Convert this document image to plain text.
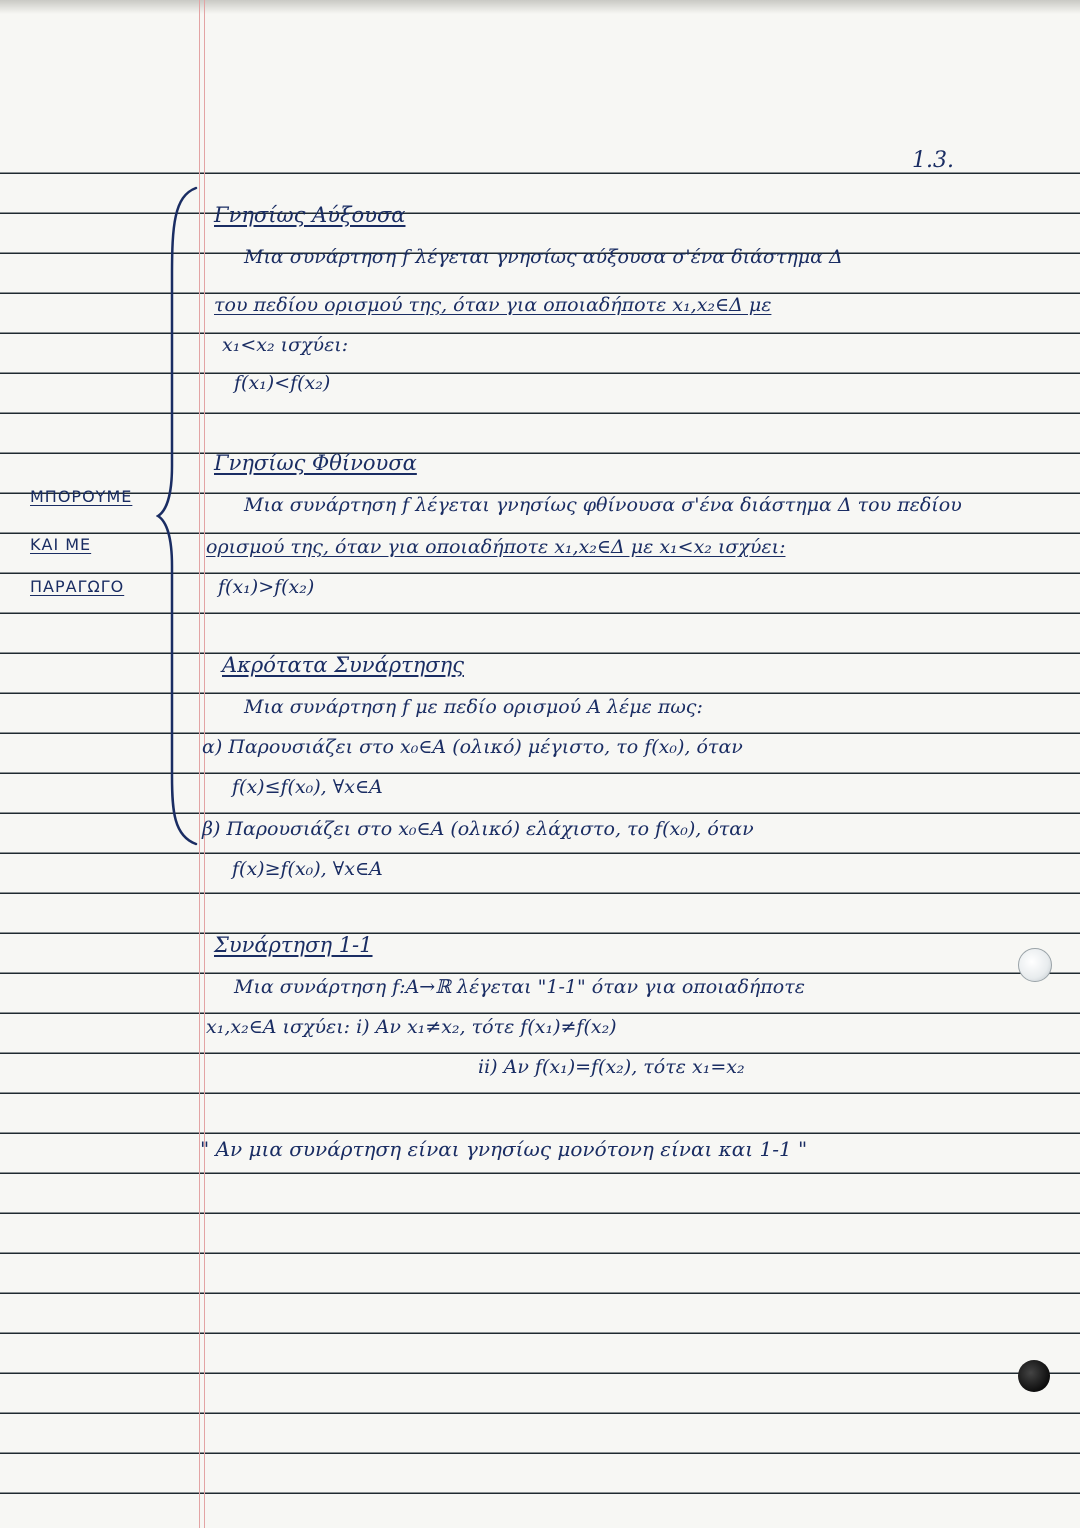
1.3.
ΜΠΟΡΟΥΜΕ
ΚΑΙ ΜΕ
ΠΑΡΑΓΩΓΟ
Γνησίως Αύξουσα
Μια συνάρτηση f λέγεται γνησίως αύξουσα σ'ένα διάστημα Δ
του πεδίου ορισμού της, όταν για οποιαδήποτε x₁,x₂∈Δ με
x₁<x₂ ισχύει:
f(x₁)<f(x₂)
Γνησίως Φθίνουσα
Μια συνάρτηση f λέγεται γνησίως φθίνουσα σ'ένα διάστημα Δ του πεδίου
ορισμού της, όταν για οποιαδήποτε x₁,x₂∈Δ με x₁<x₂ ισχύει:
f(x₁)>f(x₂)
Ακρότατα Συνάρτησης
Μια συνάρτηση f με πεδίο ορισμού A λέμε πως:
α) Παρουσιάζει στο x₀∈A (ολικό) μέγιστο, το f(x₀), όταν
f(x)≤f(x₀), ∀x∈A
β) Παρουσιάζει στο x₀∈A (ολικό) ελάχιστο, το f(x₀), όταν
f(x)≥f(x₀), ∀x∈A
Συνάρτηση 1-1
Μια συνάρτηση f:A→ℝ λέγεται "1-1" όταν για οποιαδήποτε
x₁,x₂∈A ισχύει: i) Αν x₁≠x₂, τότε f(x₁)≠f(x₂)
ii) Αν f(x₁)=f(x₂), τότε x₁=x₂
" Αν μια συνάρτηση είναι γνησίως μονότονη είναι και 1-1 "
